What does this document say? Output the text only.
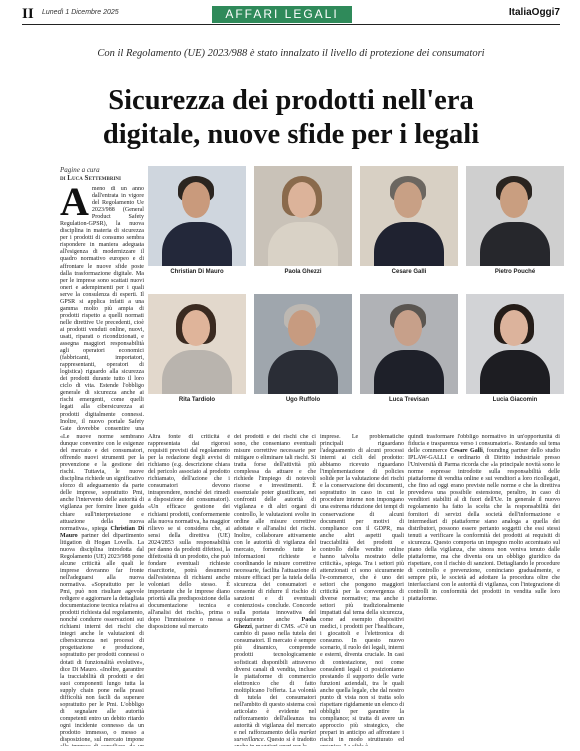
II Lunedì 1 Dicembre 2025	AFFARI LEGALI	ItaliaOggi7
Con il Regolamento (UE) 2023/988 è stato innalzato il livello di protezione dei consumatori
Sicurezza dei prodotti nell'era
digitale, nuove sfide per i legali
Pagine a cura
di Luca Settembrini
A meno di un anno dall'entrata in vigore del Regolamento Ue 2023/988 (General Product Safety Regulation-GPSR), la nuova disciplina in materia di sicurezza per i prodotti di consumo sembra rispondere in maniera adeguata all'esigenza di modernizzare il quadro normativo europeo e di affrontare le nuove sfide poste dalla trasformazione digitale. Ma per le imprese sono scattati nuovi oneri e adempimenti per i quali serve la consulenza di esperti. Il GPSR si applica infatti a una gamma molto più ampia di prodotti rispetto a quelli normati nelle direttive Ue precedenti, cioè ai prodotti venduti online, nuovi, usati, riparati o ricondizionati, e assegna maggiori responsabilità agli operatori economici (fabbricanti, importatori, rappresentanti, operatori di logistica) riguardo alla sicurezza dei prodotti durante tutto il loro ciclo di vita. Estende l'obbligo generale di sicurezza anche ai rischi emergenti, come quelli legati alla cibersicurezza ai prodotti digitalmente connessi. Inoltre, il nuovo portale Safety Gate dovrebbe consentire una
«Le nuove norme sembrano dunque convenire con le esigenze del mercato e dei consumatori, offrendo nuovi strumenti per la prevenzione e la gestione dei rischi. Tuttavia, le nuove disciplina richiede un significativo sforzo di adeguamento da parte delle imprese, soprattutto Pmi, anche l'intervento delle autorità di vigilanza per fornire linee guida chiare sull'interpretazione e attuazione della nuova normativa», spiega Christian Di Mauro partner del dipartimento litigation di Hogan Lovells. La nuova disciplina introdotta dal Regolamento (UE) 2023/988 pone alcune criticità alle quali le imprese dovranno far fronte nell'adeguarsi alla nuova normativa. «Soprattutto per le Pmi, può non risultare agevole redigere e aggiornare la dettagliata documentazione tecnica relativa ai prodotti richiesta dal regolamento, nonché condurre osservazioni sui richiami interni dei rischi che integri anche le valutazioni di cibersicurezza nei processi di progettazione e produzione, soprattutto per prodotti connessi o dotati di funzionalità evolutive», dice Di Mauro. «Inoltre, garantire la tracciabilità di prodotti e dei suoi componenti lungo tutta la supply chain pone nella prassi difficoltà non facili da superare soprattutto per le Pmi. L'obbligo di segnalare alle autorità competenti entro un debito ritardo ogni incidente connesso da un prodotto immesso, o messo a disposizione, sul mercato impone
Altra fonte di criticità è rappresentata dai rigorosi requisiti previsti dal regolamento per la redazione degli avvisi di richiamo (e.g. descrizione chiara del pericolo associato al prodotto richiamato, dell'azione che i consumatori devono intraprendere, nonché dei rimedi a disposizione dei consumatori). «Un efficace gestione dei richiami prodotti, conformemente alla nuova normativa, ha maggior rilievo se si considera che, ai sensi della direttiva (UE) 2024/2853 sulla responsabilità per danno da prodotti difettosi, la difettosità di un prodotto, che può fondare eventuali richieste risarcitorie, potrà desumersi dall'esistenza di richiami anche volontari dello stesso. È importante che le imprese diano priorità alla predisposizione della documentazione tecnica e all'analisi dei rischi», prima o dopo l'immissione o messa a disposizione sul mercato
dei prodotti e dei rischi che ci sono, che consentano eventuali misure correttive necessarie per mitigare o eliminare tali rischi. Si tratta forse dell'attività più complessa da attuare e che richiede l'impiego di notevoli risorse e investimenti. È essenziale poter giustificare, nei confronti delle autorità di vigilanza e di altri organi di controllo, le valutazioni svolte in ordine alle misure correttive adottate e all'analisi dei rischi. Inoltre, collaborare attivamente con le autorità di vigilanza del mercato, fornendo tutte le informazioni richieste e coordinando le misure correttive necessarie, facilita l'attuazione di misure efficaci per la tutela della sicurezza dei consumatori e consente di ridurre il rischio di sanzioni e di eventuali contenziosi» conclude. Concorde sulla portata innovativa del regolamento anche Paola Ghezzi, partner di CMS. «C'è un cambio di passo nella tutela dei consumatori. Il mercato è sempre più dinamico, comprende prodotti tecnologicamente sofisticati disponibili attraverso diversi canali di vendita, incluse le piattaforme di commercio elettronico che di fatto moltiplicano l'offerta. La volontà di tutela dei consumatori nell'ambito di questo sistema così articolato è evidente nel rafforzamento dell'alleanza tra autorità di vigilanza del mercato e nel rafforzamento della market surveillance. Questo si è tradotto
imprese. Le problematiche principali riguardano l'adeguamento di alcuni processi interni ai cicli del prodotto: abbiamo ricevuto riguardano l'implementazione di policies solide per la valutazione dei rischi e la conservazione dei documenti, soprattutto in caso in cui le procedure interne non impongano una estrema riduzione dei tempi di conservazione di alcuni documenti per motivi di compliance con il GDPR, ma anche altri aspetti quali tracciabilità dei prodotti e controllo delle vendite online hanno talvolta mostrato delle criticità», spiega. Tra i settori più attenzionati ci sono sicuramente l'e-commerce, che è uno dei settori che pongono maggiori criticità per la convergenza di diverse normative; ma anche i settori più tradizionalmente impattati dal tema della sicurezza, come ad esempio dispositivi medici, i prodotti per l'healthcare, i giocattoli e l'elettronica di consumo. In questo nuovo scenario, il ruolo dei legali, interni e esterni, diventa cruciale. In casi di contestazione, noi come consulenti legali ci posizioniamo prestando il supporto delle varie funzioni aziendali, tra le quali anche quella legale, che dal nostro punto di vista non si tratta solo rispettare rigidamente un elenco di obblighi per garantire la compliance; si tratta di avere un approccio più strategico, che prepari in anticipo ad affrontare i rischi in modo strutturato ed
quindi trasformare l'obbligo normativo in un'opportunità di fiducia e trasparenza verso i consumatori». Restando sul tema delle commerce Cesare Galli, founding partner dello studio IPLAW-GALLI e ordinario di Diritto industriale presso l'Università di Parma ricorda che «la principale novità sono le norme espresse introdotte sulla responsabilità delle piattaforme di vendita online e sui venditori a loro ricollegati, che fino ad oggi erano previste nelle norme e che la direttiva prevedeva una possibile estensione, peraltro, in caso di venditori stabiliti al di fuori dell'Ue. In generale il nuovo regolamento ha fatto la scelta che la responsabilità dei fornitori di servizi della società dell'informazione e intermediari di piattaforme siano analoga a quella dei distributori, possono essere pertanto soggetti che essi stessi tenuti a verificare la conformità dei prodotti ai requisiti di sicurezza. Questo comporta un impegno molto accentuato sul piano della vigilanza, che sinora non veniva tenuto dalle piattaforme, ma che diventa ora un obbligo giuridico da rispettare, con il rischio di sanzioni. Dettagliando le procedure di controllo e prevenzione, cominciano gradualmente, e sempre più, le società ad adottare la procedura oltre che interfacciarsi con le autorità di vigilanza, con l'integrazione di controlli in conformità dei prodotti in vendita sulle loro piattaforme.
Christian Di Mauro	Paola Ghezzi	Cesare Galli	Pietro Pouché
Rita Tardiolo	Ugo Ruffolo	Luca Trevisan	Lucia Giacomin
